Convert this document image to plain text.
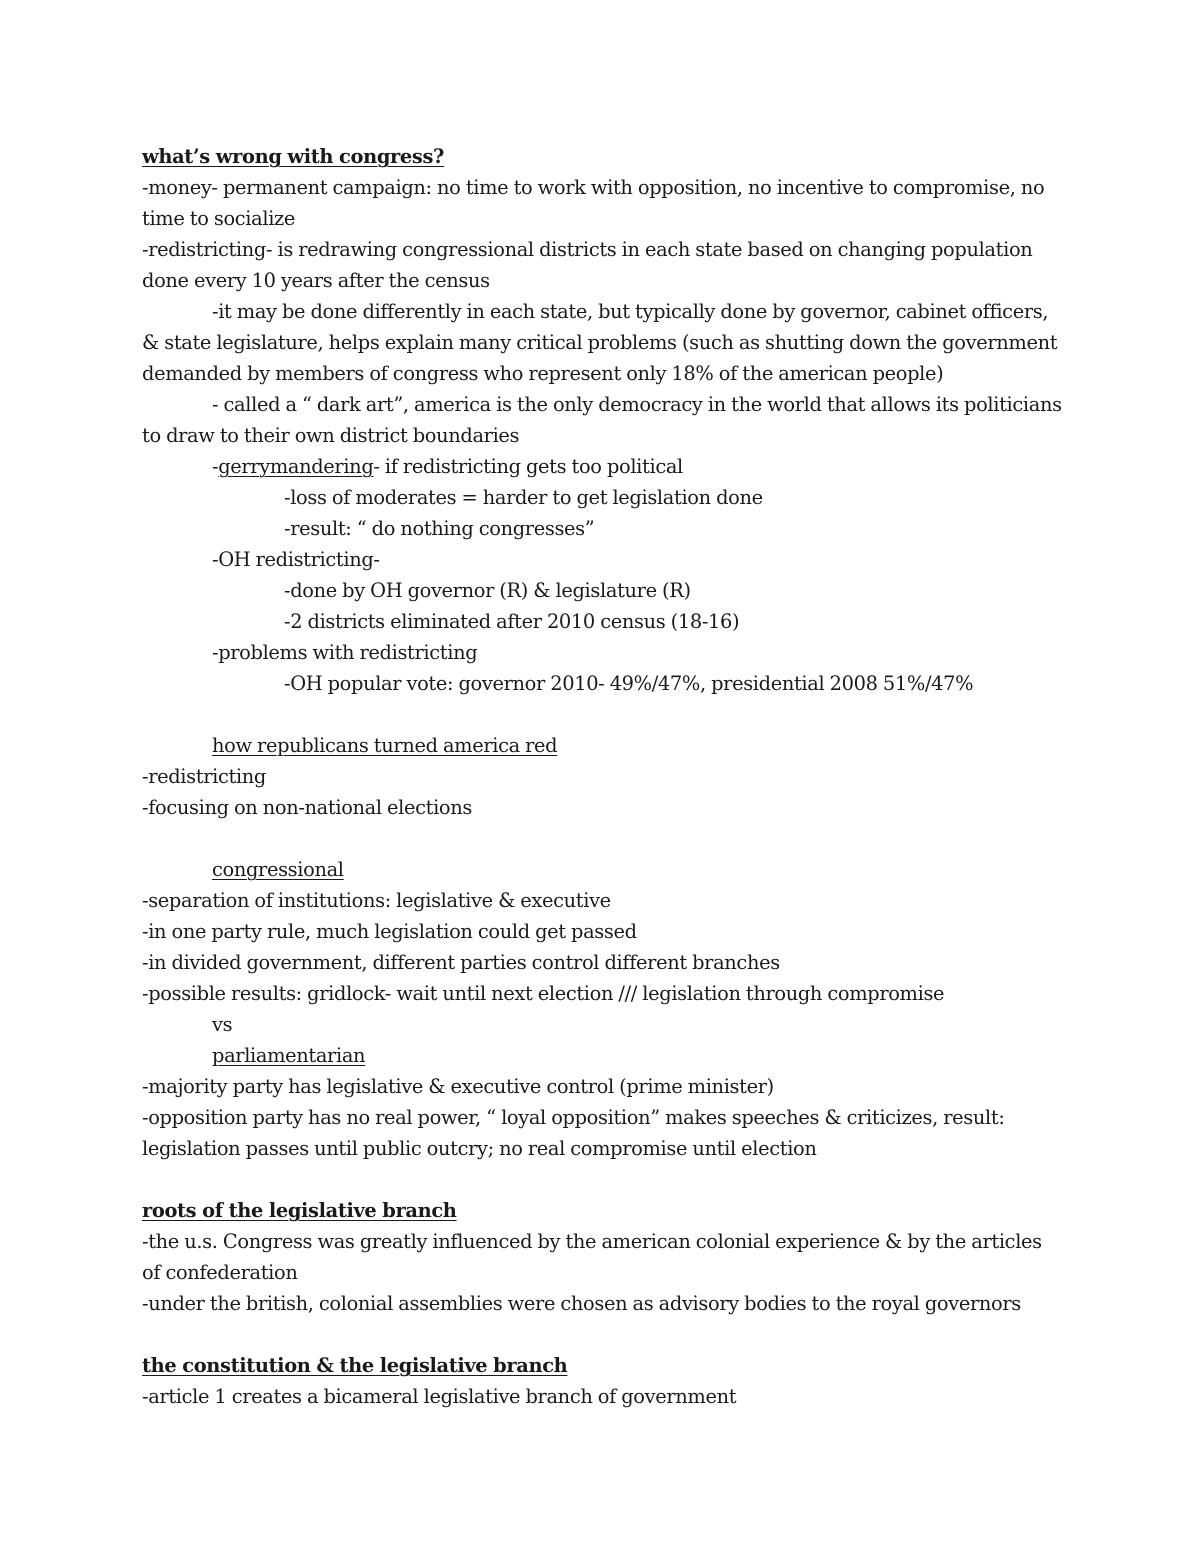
what’s wrong with congress?
-money- permanent campaign: no time to work with opposition, no incentive to compromise, no time to socialize
-redistricting- is redrawing congressional districts in each state based on changing population done every 10 years after the census
-it may be done differently in each state, but typically done by governor, cabinet officers,
& state legislature, helps explain many critical problems (such as shutting down the government
demanded by members of congress who represent only 18% of the american people)
- called a “ dark art”, america is the only democracy in the world that allows its politicians
to draw to their own district boundaries
-gerrymandering- if redistricting gets too political
-loss of moderates = harder to get legislation done
-result: “ do nothing congresses”
-OH redistricting-
-done by OH governor (R) & legislature (R)
-2 districts eliminated after 2010 census (18-16)
-problems with redistricting
-OH popular vote: governor 2010- 49%/47%, presidential 2008 51%/47%
how republicans turned america red
-redistricting
-focusing on non-national elections
congressional
-separation of institutions: legislative & executive
-in one party rule, much legislation could get passed
-in divided government, different parties control different branches
-possible results: gridlock- wait until next election /// legislation through compromise
vs
parliamentarian
-majority party has legislative & executive control (prime minister)
-opposition party has no real power, “ loyal opposition” makes speeches & criticizes, result:
legislation passes until public outcry; no real compromise until election
roots of the legislative branch
-the u.s. Congress was greatly influenced by the american colonial experience & by the articles
of confederation
-under the british, colonial assemblies were chosen as advisory bodies to the royal governors
the constitution & the legislative branch
-article 1 creates a bicameral legislative branch of government
